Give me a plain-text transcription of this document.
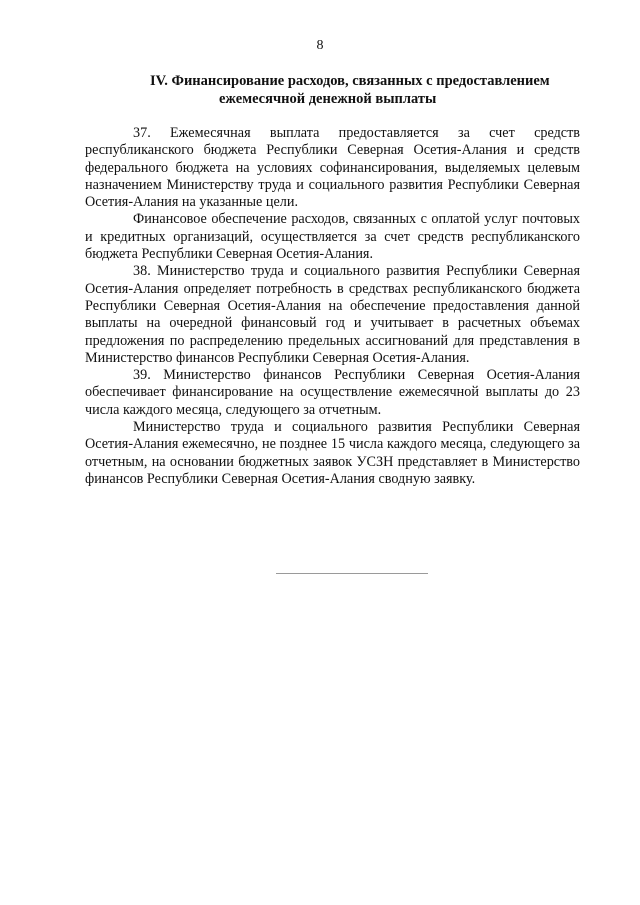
8
IV. Финансирование расходов, связанных с предоставлением
ежемесячной денежной выплаты

37. Ежемесячная выплата предоставляется за счет средств республиканского бюджета Республики Северная Осетия-Алания и средств федерального бюджета на условиях софинансирования, выделяемых целевым назначением Министерству труда и социального развития Республики Северная Осетия-Алания на указанные цели.

Финансовое обеспечение расходов, связанных с оплатой услуг почтовых и кредитных организаций, осуществляется за счет средств республиканского бюджета Республики Северная Осетия-Алания.

38. Министерство труда и социального развития Республики Северная Осетия-Алания определяет потребность в средствах республиканского бюджета Республики Северная Осетия-Алания на обеспечение предоставления данной выплаты на очередной финансовый год и учитывает в расчетных объемах предложения по распределению предельных ассигнований для представления в Министерство финансов Республики Северная Осетия-Алания.

39. Министерство финансов Республики Северная Осетия-Алания обеспечивает финансирование на осуществление ежемесячной выплаты до 23 числа каждого месяца, следующего за отчетным.

Министерство труда и социального развития Республики Северная Осетия-Алания ежемесячно, не позднее 15 числа каждого месяца, следующего за отчетным, на основании бюджетных заявок УСЗН представляет в Министерство финансов Республики Северная Осетия-Алания сводную заявку.
